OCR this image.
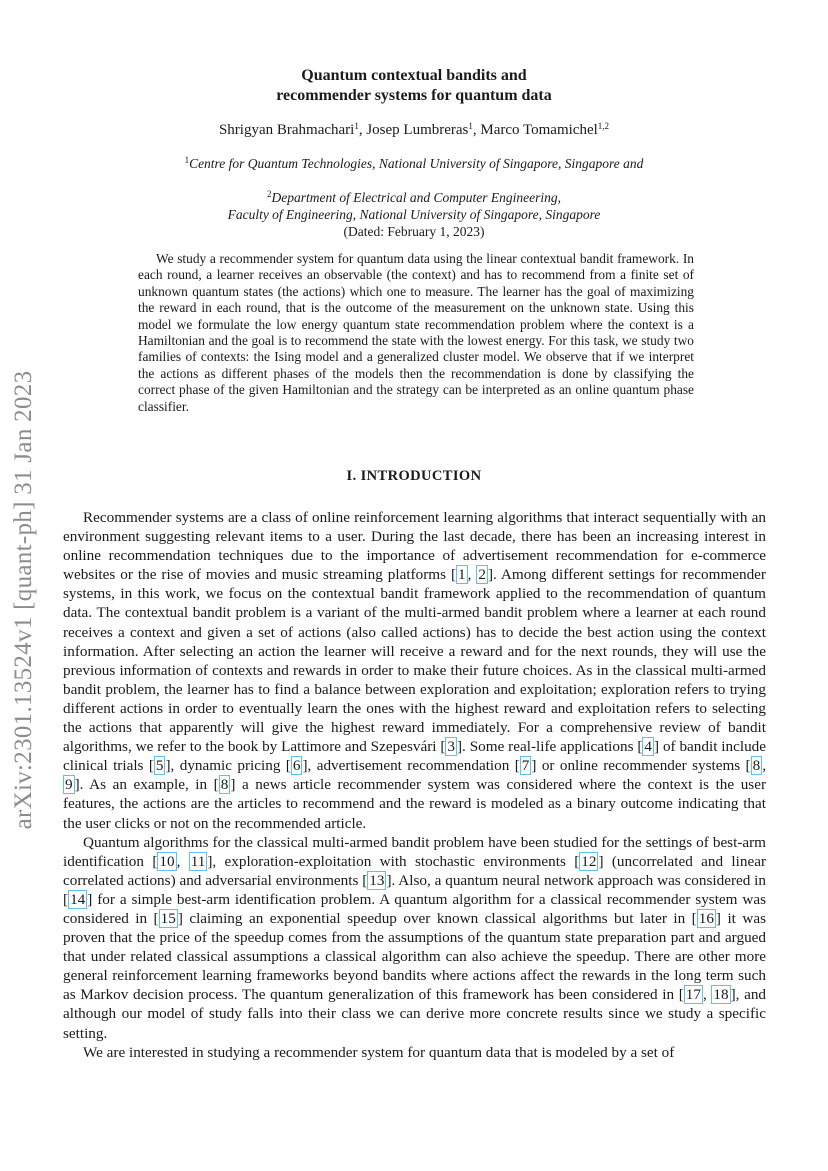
arXiv:2301.13524v1 [quant-ph] 31 Jan 2023
Quantum contextual bandits and
recommender systems for quantum data
Shrigyan Brahmachari$^1$, Josep Lumbreras$^1$, Marco Tomamichel$^{1,2}$
$^1$Centre for Quantum Technologies, National University of Singapore, Singapore and
$^2$Department of Electrical and Computer Engineering,
Faculty of Engineering, National University of Singapore, Singapore
(Dated: February 1, 2023)
We study a recommender system for quantum data using the linear contextual bandit framework. In each round, a learner receives an observable (the context) and has to recommend from a finite set of unknown quantum states (the actions) which one to measure. The learner has the goal of maximizing the reward in each round, that is the outcome of the measurement on the unknown state. Using this model we formulate the low energy quantum state recommendation problem where the context is a Hamiltonian and the goal is to recommend the state with the lowest energy. For this task, we study two families of contexts: the Ising model and a generalized cluster model. We observe that if we interpret the actions as different phases of the models then the recommendation is done by classifying the correct phase of the given Hamiltonian and the strategy can be interpreted as an online quantum phase classifier.
I. INTRODUCTION

Recommender systems are a class of online reinforcement learning algorithms that interact sequentially with an environment suggesting relevant items to a user. During the last decade, there has been an increasing interest in online recommendation techniques due to the importance of advertisement recommendation for e-commerce websites or the rise of movies and music streaming platforms [ 1 , 2 ]. Among different settings for recommender systems, in this work, we focus on the contextual bandit framework applied to the recommendation of quantum data. The contextual bandit problem is a variant of the multi-armed bandit problem where a learner at each round receives a context and given a set of actions (also called actions) has to decide the best action using the context information. After selecting an action the learner will receive a reward and for the next rounds, they will use the previous information of contexts and rewards in order to make their future choices. As in the classical multi-armed bandit problem, the learner has to find a balance between exploration and exploitation; exploration refers to trying different actions in order to eventually learn the ones with the highest reward and exploitation refers to selecting the actions that apparently will give the highest reward immediately. For a comprehensive review of bandit algorithms, we refer to the book by Lattimore and Szepesvári [ 3 ]. Some real-life applications [ 4 ] of bandit include clinical trials [ 5 ], dynamic pricing [ 6 ], advertisement recommendation [ 7 ] or online recommender systems [ 8 , 9 ]. As an example, in [ 8 ] a news article recommender system was considered where the context is the user features, the actions are the articles to recommend and the reward is modeled as a binary outcome indicating that the user clicks or not on the recommended article.

Quantum algorithms for the classical multi-armed bandit problem have been studied for the settings of best-arm identification [ 10 , 11 ], exploration-exploitation with stochastic environments [ 12 ] (uncorrelated and linear correlated actions) and adversarial environments [ 13 ]. Also, a quantum neural network approach was considered in [ 14 ] for a simple best-arm identification problem. A quantum algorithm for a classical recommender system was considered in [ 15 ] claiming an exponential speedup over known classical algorithms but later in [ 16 ] it was proven that the price of the speedup comes from the assumptions of the quantum state preparation part and argued that under related classical assumptions a classical algorithm can also achieve the speedup. There are other more general reinforcement learning frameworks beyond bandits where actions affect the rewards in the long term such as Markov decision process. The quantum generalization of this framework has been considered in [ 17 , 18 ], and although our model of study falls into their class we can derive more concrete results since we study a specific setting.

We are interested in studying a recommender system for quantum data that is modeled by a set of
